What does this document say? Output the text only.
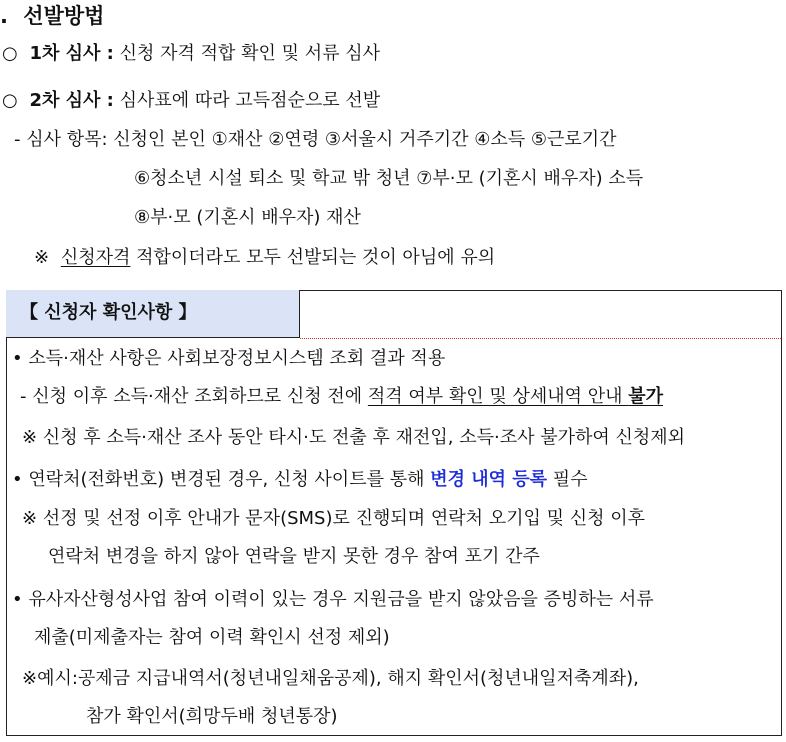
. 선발방법
○ 1차 심사 : 신청 자격 적합 확인 및 서류 심사
○ 2차 심사 : 심사표에 따라 고득점순으로 선발
- 심사 항목: 신청인 본인 ①재산 ②연령 ③서울시 거주기간 ④소득 ⑤근로기간
⑥청소년 시설 퇴소 및 학교 밖 청년 ⑦부·모 (기혼시 배우자) 소득
⑧부·모 (기혼시 배우자) 재산
※ 신청자격 적합이더라도 모두 선발되는 것이 아님에 유의
【 신청자 확인사항 】
• 소득·재산 사항은 사회보장정보시스템 조회 결과 적용
- 신청 이후 소득·재산 조회하므로 신청 전에 적격 여부 확인 및 상세내역 안내 불가
※ 신청 후 소득·재산 조사 동안 타시·도 전출 후 재전입, 소득·조사 불가하여 신청제외
• 연락처(전화번호) 변경된 경우, 신청 사이트를 통해 변경 내역 등록 필수
※ 선정 및 선정 이후 안내가 문자(SMS)로 진행되며 연락처 오기입 및 신청 이후
연락처 변경을 하지 않아 연락을 받지 못한 경우 참여 포기 간주
• 유사자산형성사업 참여 이력이 있는 경우 지원금을 받지 않았음을 증빙하는 서류
제출(미제출자는 참여 이력 확인시 선정 제외)
※예시:공제금 지급내역서(청년내일채움공제), 해지 확인서(청년내일저축계좌),
참가 확인서(희망두배 청년통장)
